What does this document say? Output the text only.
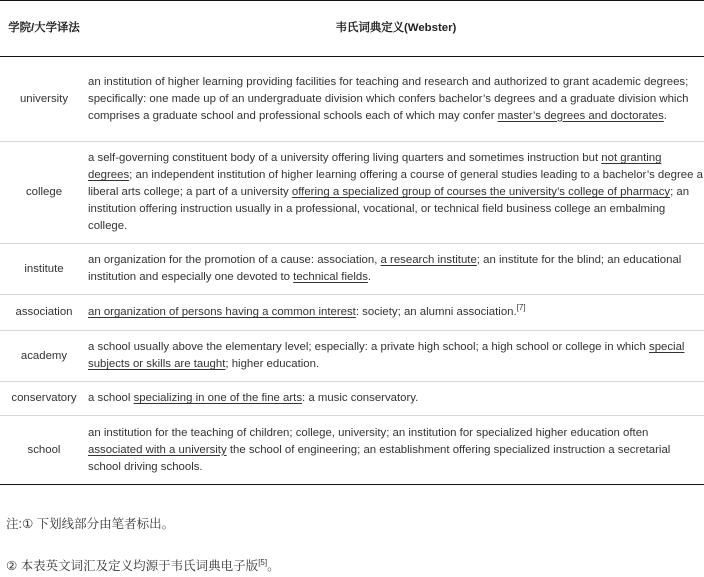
学院/大学译法	韦氏词典定义(Webster)
university	an institution of higher learning providing facilities for teaching and research and authorized to grant academic degrees; specifically: one made up of an undergraduate division which confers bachelor’s degrees and a graduate division which comprises a graduate school and professional schools each of which may confer master’s degrees and doctorates.
college	a self-governing constituent body of a university offering living quarters and sometimes instruction but not granting degrees; an independent institution of higher learning offering a course of general studies leading to a bachelor’s degree a liberal arts college; a part of a university offering a specialized group of courses the university’s college of pharmacy; an institution offering instruction usually in a professional, vocational, or technical field business college an embalming college.
institute	an organization for the promotion of a cause: association, a research institute; an institute for the blind; an educational institution and especially one devoted to technical fields.
association	an organization of persons having a common interest: society; an alumni association.[7]
academy	a school usually above the elementary level; especially: a private high school; a high school or college in which special subjects or skills are taught; higher education.
conservatory	a school specializing in one of the fine arts: a music conservatory.
school	an institution for the teaching of children; college, university; an institution for specialized higher education often associated with a university the school of engineering; an establishment offering specialized instruction a secretarial school driving schools.
注:① 下划线部分由笔者标出。
② 本表英文词汇及定义均源于韦氏词典电子版[5]。
